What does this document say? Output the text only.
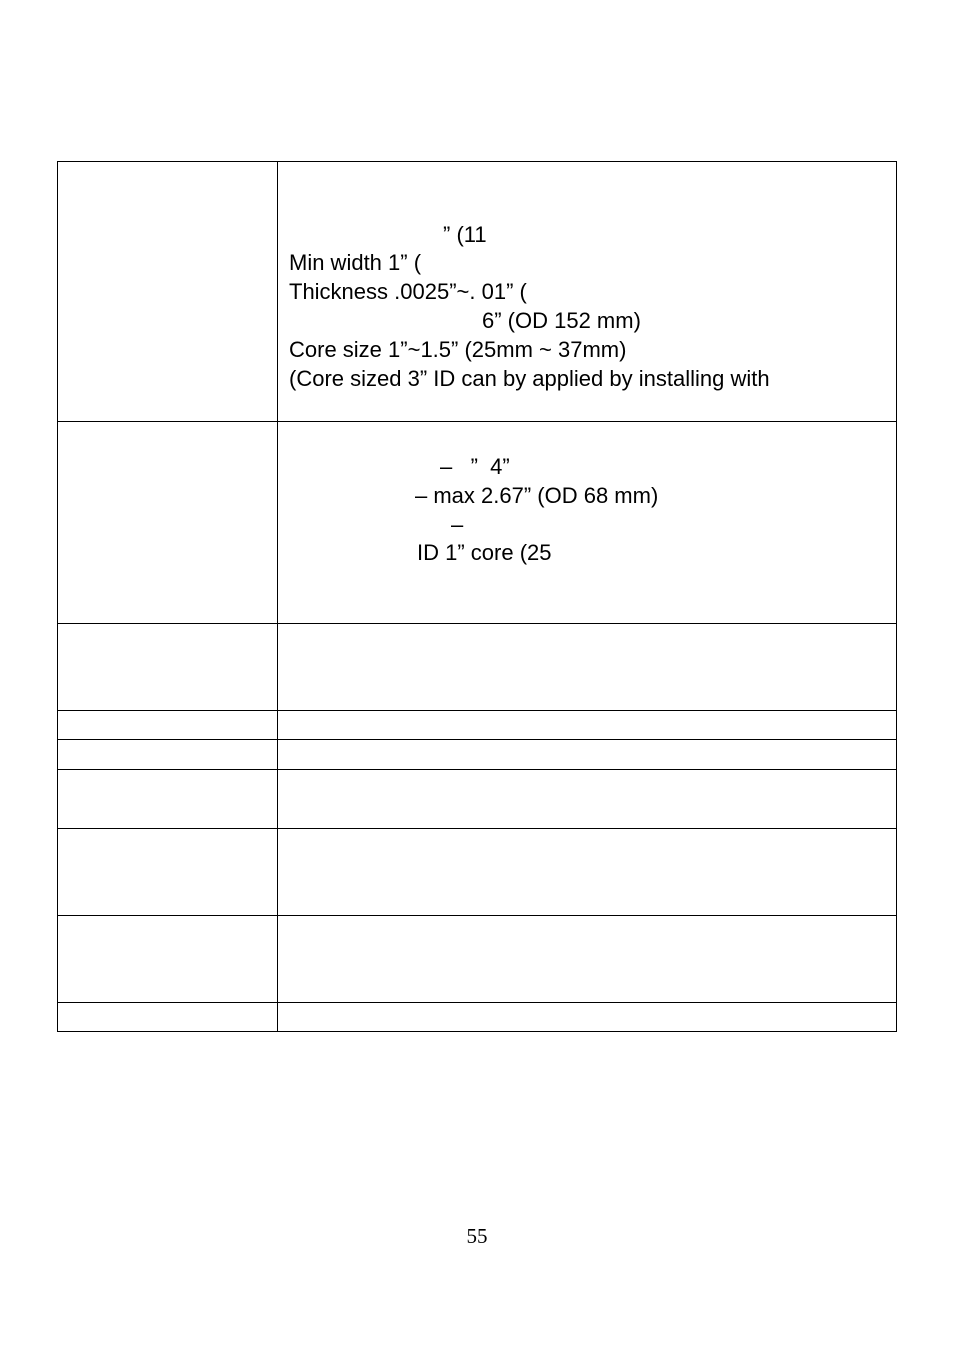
” (11
Min width 1” (
Thickness .0025”~. 01” (
6” (OD 152 mm)
Core size 1”~1.5” (25mm ~ 37mm)
(Core sized 3” ID can by applied by installing with
–   ”  4”
– max 2.67” (OD 68 mm)
–
ID 1” core (25
55
